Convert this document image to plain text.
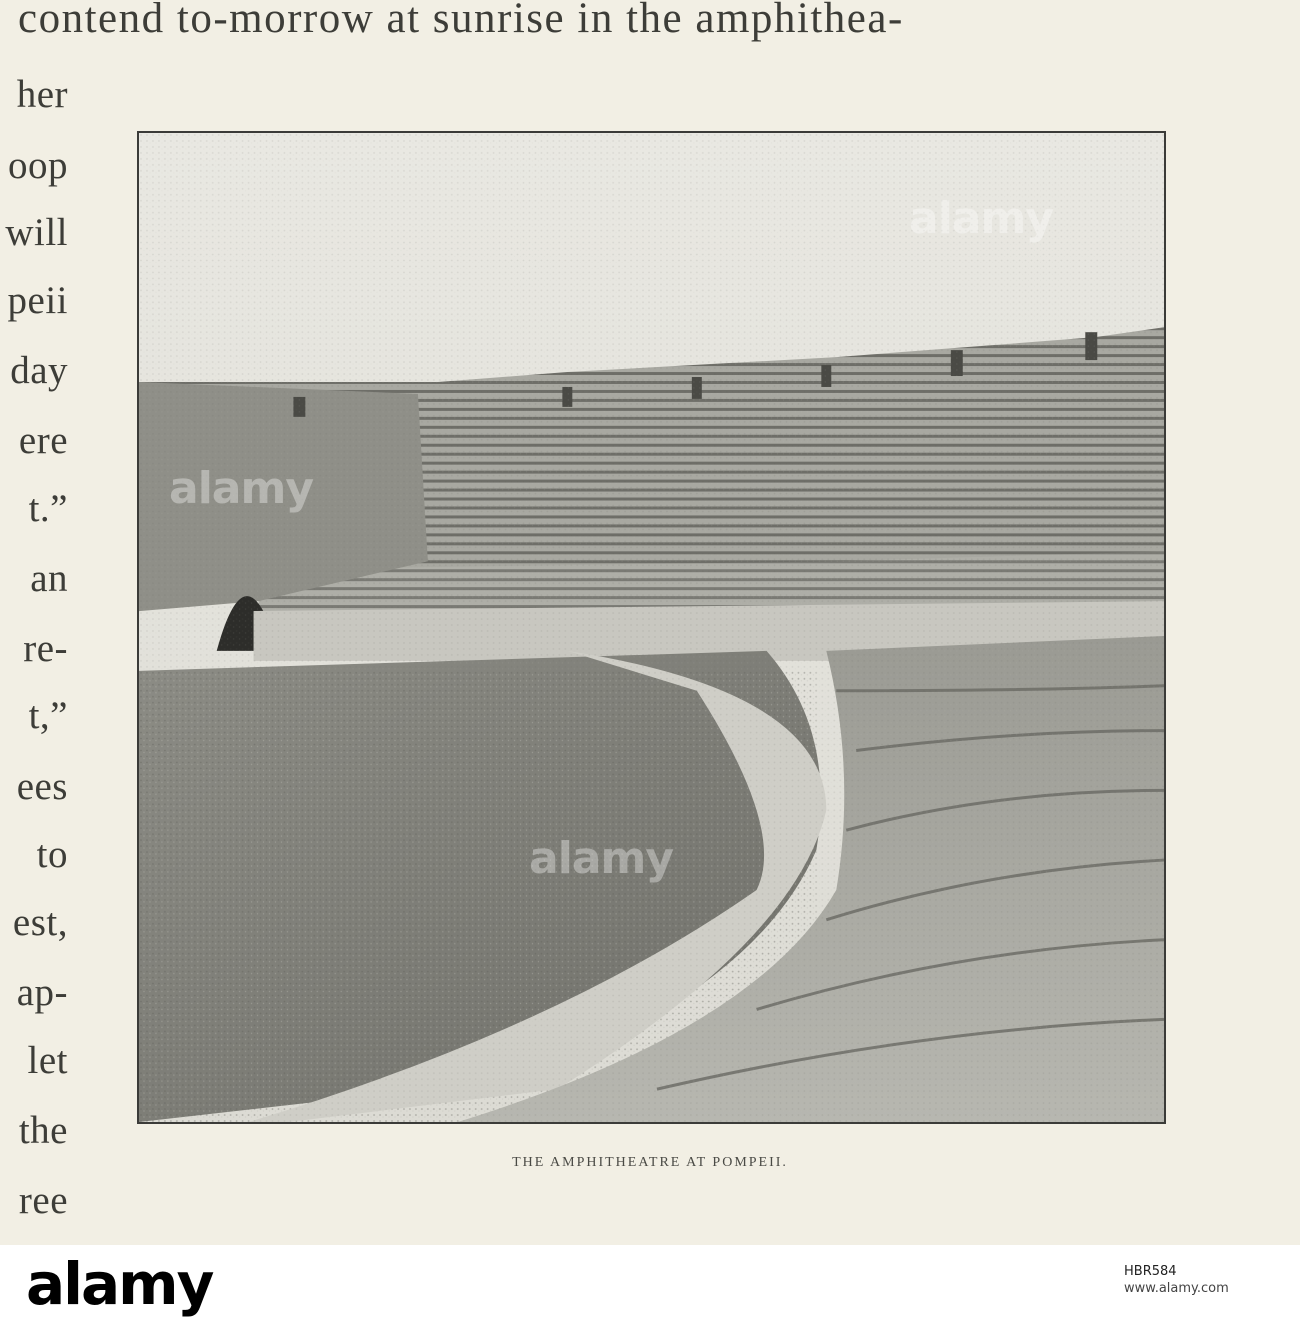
contend to-morrow at sunrise in the amphithea-
her
oop
will
peii
day
ere
t.”
an
re-
t,”
ees
to
est,
ap-
let
the
ree
alamy
alamy
alamy
THE AMPHITHEATRE AT POMPEII.
alamy	HBR584
www.alamy.com
